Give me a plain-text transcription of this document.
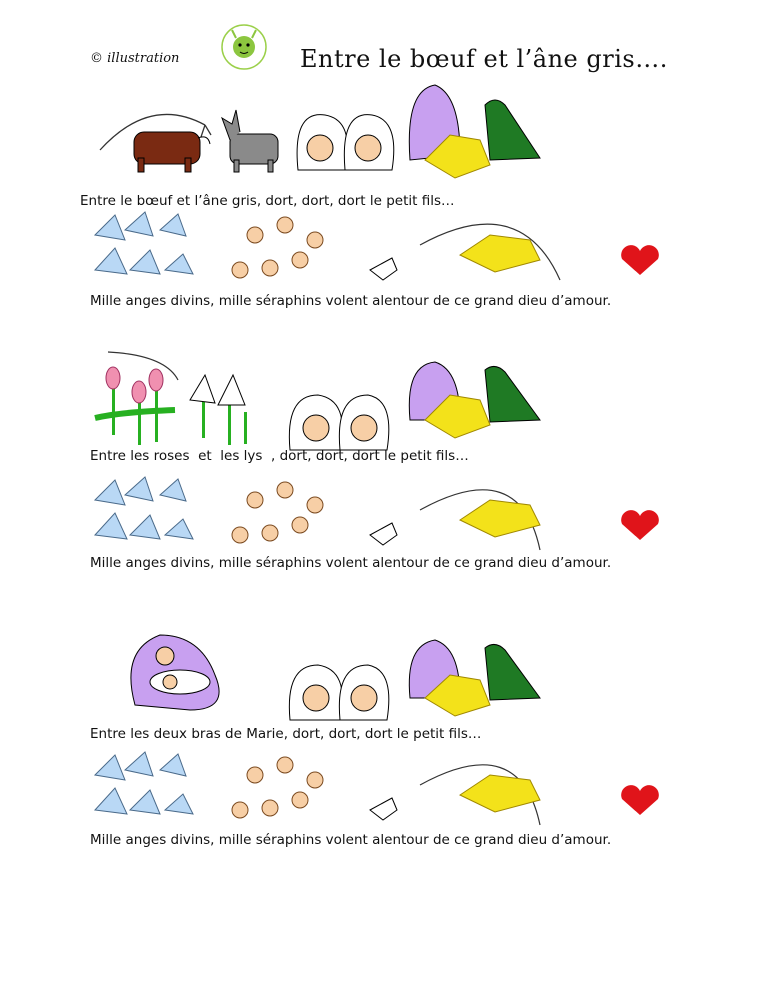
© illustration	Entre le bœuf et l’âne gris….
Entre le bœuf et l’âne gris, dort, dort, dort le petit fils…
Mille anges divins, mille séraphins volent alentour de ce grand dieu d’amour.
Entre les roses  et  les lys  , dort, dort, dort le petit fils…
Mille anges divins, mille séraphins volent alentour de ce grand dieu d’amour.
Entre les deux bras de Marie, dort, dort, dort le petit fils…
Mille anges divins, mille séraphins volent alentour de ce grand dieu d’amour.
